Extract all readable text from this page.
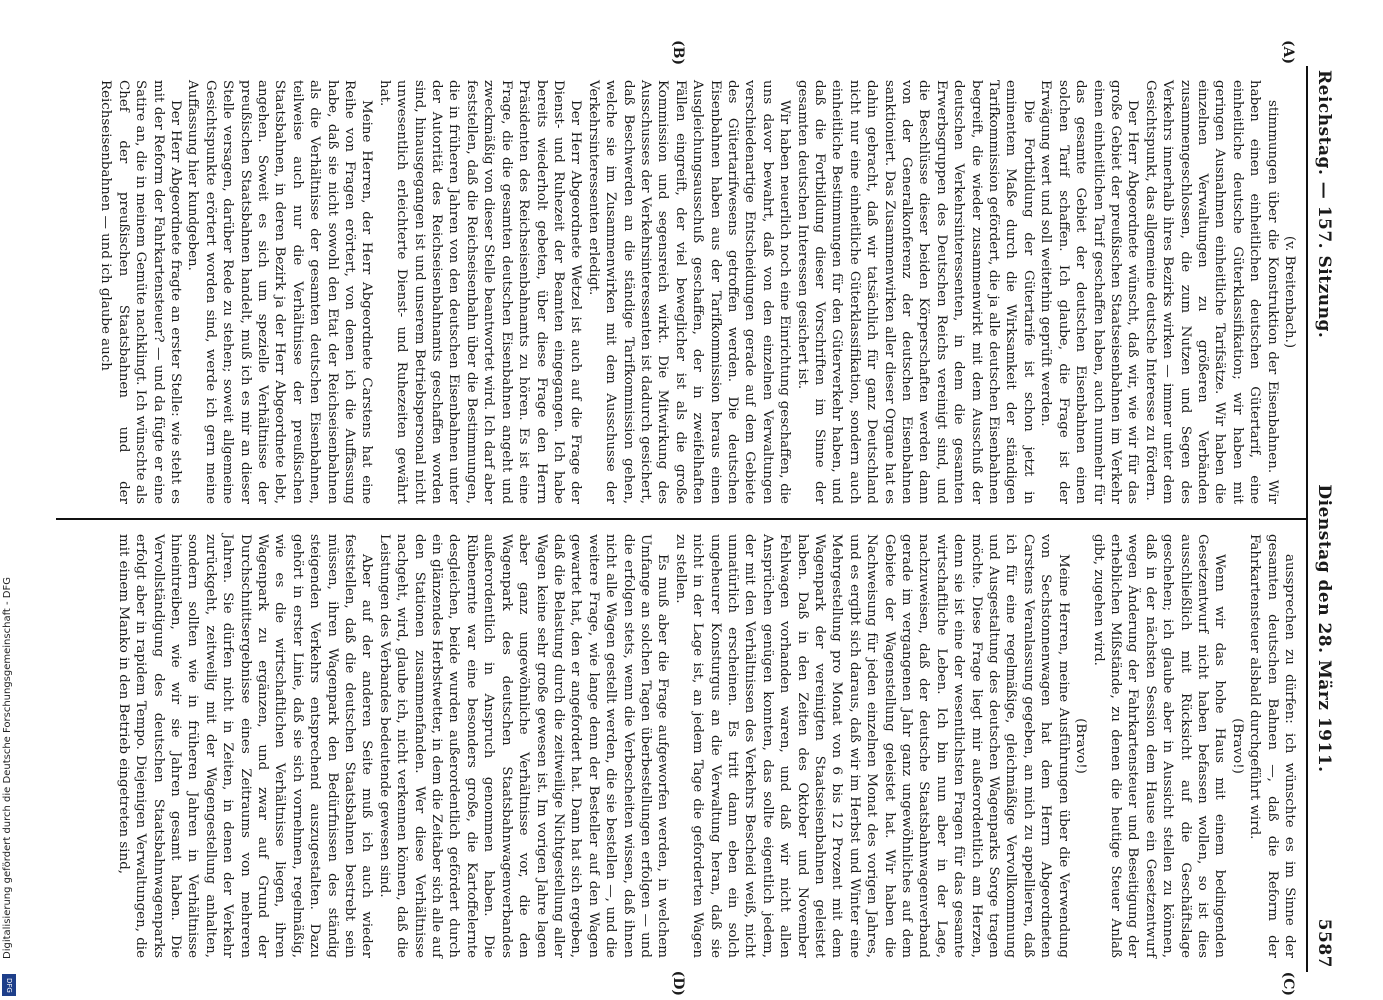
Digitalisierung gefördert durch die Deutsche Forschungsgemeinschaft - DFG
DFG
Reichstag. — 157. Sitzung.
Dienstag den 28. März 1911.
5587
(A)
(B)
(C)
(D)

(v. Breitenbach.)

stimmungen über die Konstruktion der Eisenbahnen. Wir haben einen einheitlichen deutschen Gütertarif, eine einheitliche deutsche Güterklassifikation; wir haben mit geringen Ausnahmen einheitliche Tarifsätze. Wir haben die einzelnen Verwaltungen zu größeren Verbänden zusammengeschlossen, die zum Nutzen und Segen des Verkehrs innerhalb ihres Bezirks wirken — immer unter dem Gesichtspunkt, das allgemeine deutsche Interesse zu fördern.

Der Herr Abgeordnete wünscht, daß wir, wie wir für das große Gebiet der preußischen Staatseisenbahnen im Verkehr einen einheitlichen Tarif geschaffen haben, auch nunmehr für das gesamte Gebiet der deutschen Eisenbahnen einen solchen Tarif schaffen. Ich glaube, die Frage ist der Erwägung wert und soll weiterhin geprüft werden.

Die Fortbildung der Gütertarife ist schon jetzt in eminentem Maße durch die Wirksamkeit der ständigen Tarifkommission gefördert, die ja alle deutschen Eisenbahnen begreift, die wieder zusammenwirkt mit dem Ausschuß der deutschen Verkehrsinteressenten, in dem die gesamten Erwerbsgruppen des Deutschen Reichs vereinigt sind, und die Beschlüsse dieser beiden Körperschaften werden dann von der Generalkonferenz der deutschen Eisenbahnen sanktioniert. Das Zusammenwirken aller dieser Organe hat es dahin gebracht, daß wir tatsächlich für ganz Deutschland nicht nur eine einheitliche Güterklassifikation, sondern auch einheitliche Bestimmungen für den Güterverkehr haben, und daß die Fortbildung dieser Vorschriften im Sinne der gesamten deutschen Interessen gesichert ist.

Wir haben neuerlich noch eine Einrichtung geschaffen, die uns davor bewahrt, daß von den einzelnen Verwaltungen verschiedenartige Entscheidungen gerade auf dem Gebiete des Gütertarifwesens getroffen werden. Die deutschen Eisenbahnen haben aus der Tarifkommission heraus einen Ausgleichungsausschuß geschaffen, der in zweifelhaften Fällen eingreift, der viel beweglicher ist als die große Kommission und segensreich wirkt. Die Mitwirkung des Ausschusses der Verkehrsinteressenten ist dadurch gesichert, daß Beschwerden an die ständige Tarifkommission gehen, welche sie im Zusammenwirken mit dem Ausschusse der Verkehrsinteressenten erledigt.

Der Herr Abgeordnete Wetzel ist auch auf die Frage der Dienst- und Ruhezeit der Beamten eingegangen. Ich habe bereits wiederholt gebeten, über diese Frage den Herrn Präsidenten des Reichseisenbahnamts zu hören. Es ist eine Frage, die die gesamten deutschen Eisenbahnen angeht und zweckmäßig von dieser Stelle beantwortet wird. Ich darf aber feststellen, daß die Reichseisenbahn über die Bestimmungen, die in früheren Jahren von den deutschen Eisenbahnen unter der Autorität des Reichseisenbahnamts geschaffen worden sind, hinausgegangen ist und unserem Betriebspersonal nicht unwesentlich erleichterte Dienst- und Ruhezeiten gewährt hat.

Meine Herren, der Herr Abgeordnete Carstens hat eine Reihe von Fragen erörtert, von denen ich die Auffassung habe, daß sie nicht sowohl den Etat der Reichseisenbahnen als die Verhältnisse der gesamten deutschen Eisenbahnen, teilweise auch nur die Verhältnisse der preußischen Staatsbahnen, in deren Bezirk ja der Herr Abgeordnete lebt, angehen. Soweit es sich um spezielle Verhältnisse der preußischen Staatsbahnen handelt, muß ich es mir an dieser Stelle versagen, darüber Rede zu stehen; soweit allgemeine Gesichtspunkte erörtert worden sind, werde ich gern meine Auffassung hier kundgeben.

Der Herr Abgeordnete fragte an erster Stelle: wie steht es mit der Reform der Fahrkartensteuer? — und da fügte er eine Satire an, die in meinem Gemüte nachklingt. Ich wünschte als Chef der preußischen Staatsbahnen und der Reichseisenbahnen — und ich glaube auch

aussprechen zu dürfen: ich wünschte es im Sinne der gesamten deutschen Bahnen —, daß die Reform der Fahrkartensteuer alsbald durchgeführt wird.

(Bravo!)

Wenn wir das hohe Haus mit einem bedingenden Gesetzentwurf nicht haben befassen wollen, so ist dies ausschließlich mit Rücksicht auf die Geschäftslage geschehen; ich glaube aber in Aussicht stellen zu können, daß in der nächsten Session dem Hause ein Gesetzentwurf wegen Änderung der Fahrkartensteuer und Beseitigung der erheblichen Mißstände, zu denen die heutige Steuer Anlaß gibt, zugehen wird.

(Bravo!)

Meine Herren, meine Ausführungen über die Verwendung von Sechstonnenwagen hat dem Herrn Abgeordneten Carstens Veranlassung gegeben, an mich zu appellieren, daß ich für eine regelmäßige, gleichmäßige Vervollkommnung und Ausgestaltung des deutschen Wagenparks Sorge tragen möchte. Diese Frage liegt mir außerordentlich am Herzen, denn sie ist eine der wesentlichsten Fragen für das gesamte wirtschaftliche Leben. Ich bin nun aber in der Lage, nachzuweisen, daß der deutsche Staatsbahnwagenverband gerade im vergangenen Jahr ganz ungewöhnliches auf dem Gebiete der Wagenstellung geleistet hat. Wir haben die Nachweisung für jeden einzelnen Monat des vorigen Jahres, und es ergibt sich daraus, daß wir im Herbst und Winter eine Mehrgestellung pro Monat von 6 bis 12 Prozent mit dem Wagenpark der vereinigten Staatseisenbahnen geleistet haben. Daß in den Zeiten des Oktober und November Fehlwagen vorhanden waren, und daß wir nicht allen Ansprüchen genügen konnten, das sollte eigentlich jedem, der mit den Verhältnissen des Verkehrs Bescheid weiß, nicht unnatürlich erscheinen. Es tritt dann eben ein solch ungeheurer Konsturgus an die Verwaltung heran, daß sie nicht in der Lage ist, an jedem Tage die geforderten Wagen zu stellen.

Es muß aber die Frage aufgeworfen werden, in welchem Umfange an solchen Tagen überbestellungen erfolgen — und die erfolgen stets, wenn die Verbescheiten wissen, daß ihnen nicht alle Wagen gestellt werden, die sie bestellen —, und die weitere Frage, wie lange denn der Besteller auf den Wagen gewartet hat, den er angefordert hat. Dann hat sich ergeben, daß die Belastung durch die zeitweilige Nichtgestellung aller Wagen keine sehr große gewesen ist. Im vorigen Jahre lagen aber ganz ungewöhnliche Verhältnisse vor, die den Wagenpark des deutschen Staatsbahnwagenverbandes außerordentlich in Anspruch genommen haben. Die Rübenernte war eine besonders große, die Kartoffelernte desgleichen, beide wurden außerordentlich gefördert durch ein glänzendes Herbstwetter, in dem die Zeitaber sich alle auf den Stationen zusammenfanden. Wer diese Verhältnisse nachgeht, wird, glaube ich, nicht verkennen können, daß die Leistungen des Verbandes bedeutende gewesen sind.

Aber auf der anderen Seite muß ich auch wieder feststellen, daß die deutschen Staatsbahnen bestrebt sein müssen, ihren Wagenpark den Bedürfnissen des ständig steigenden Verkehrs entsprechend auszugestalten. Dazu gehört in erster Linie, daß sie sich vornehmen, regelmäßig, wie es die wirtschaftlichen Verhältnisse liegen, ihren Wagenpark zu ergänzen, und zwar auf Grund der Durchschnittsergebnisse eines Zeitraums von mehreren Jahren. Sie dürfen nicht in Zeiten, in denen der Verkehr zurückgeht, zeitweilig mit der Wagengestellung anhalten, sondern sollten wie in früheren Jahren in Verhältnisse hineintreiben, wie wir sie Jahren gesamt haben. Die Vervollständigung des deutschen Staatsbahnwagenparks erfolgt aber in rapidem Tempo. Diejenigen Verwaltungen, die mit einem Manko in den Betrieb eingetreten sind,
